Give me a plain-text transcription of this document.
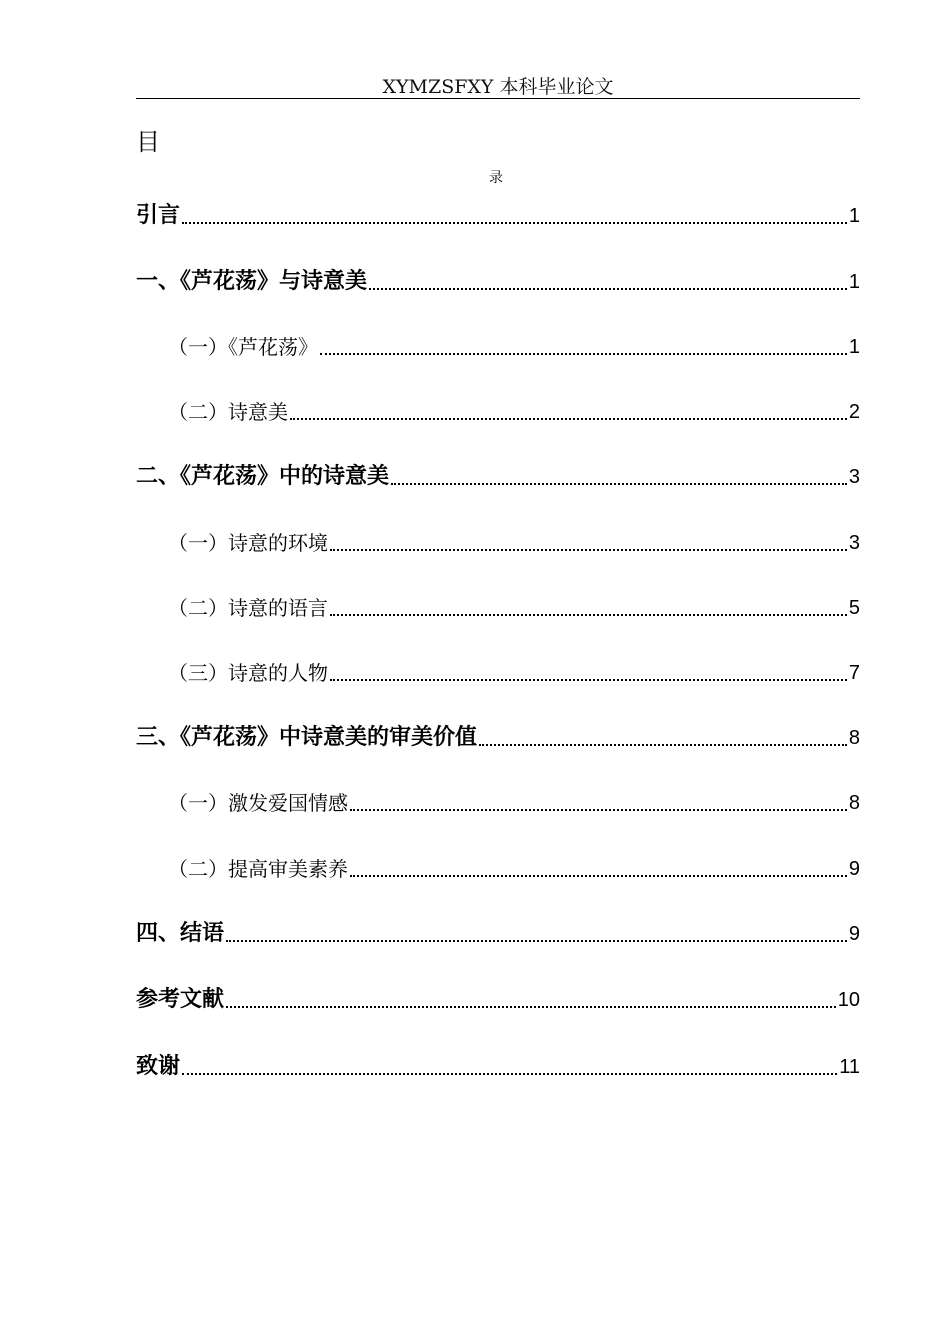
XYMZSFXY 本科毕业论文
目
录
引言	1
一、《芦花荡》与诗意美	1
（一）《芦花荡》	1
（二）诗意美	2
二、《芦花荡》中的诗意美	3
（一）诗意的环境	3
（二）诗意的语言	5
（三）诗意的人物	7
三、《芦花荡》中诗意美的审美价值	8
（一）激发爱国情感	8
（二）提高审美素养	9
四、结语	9
参考文献	10
致谢	11
